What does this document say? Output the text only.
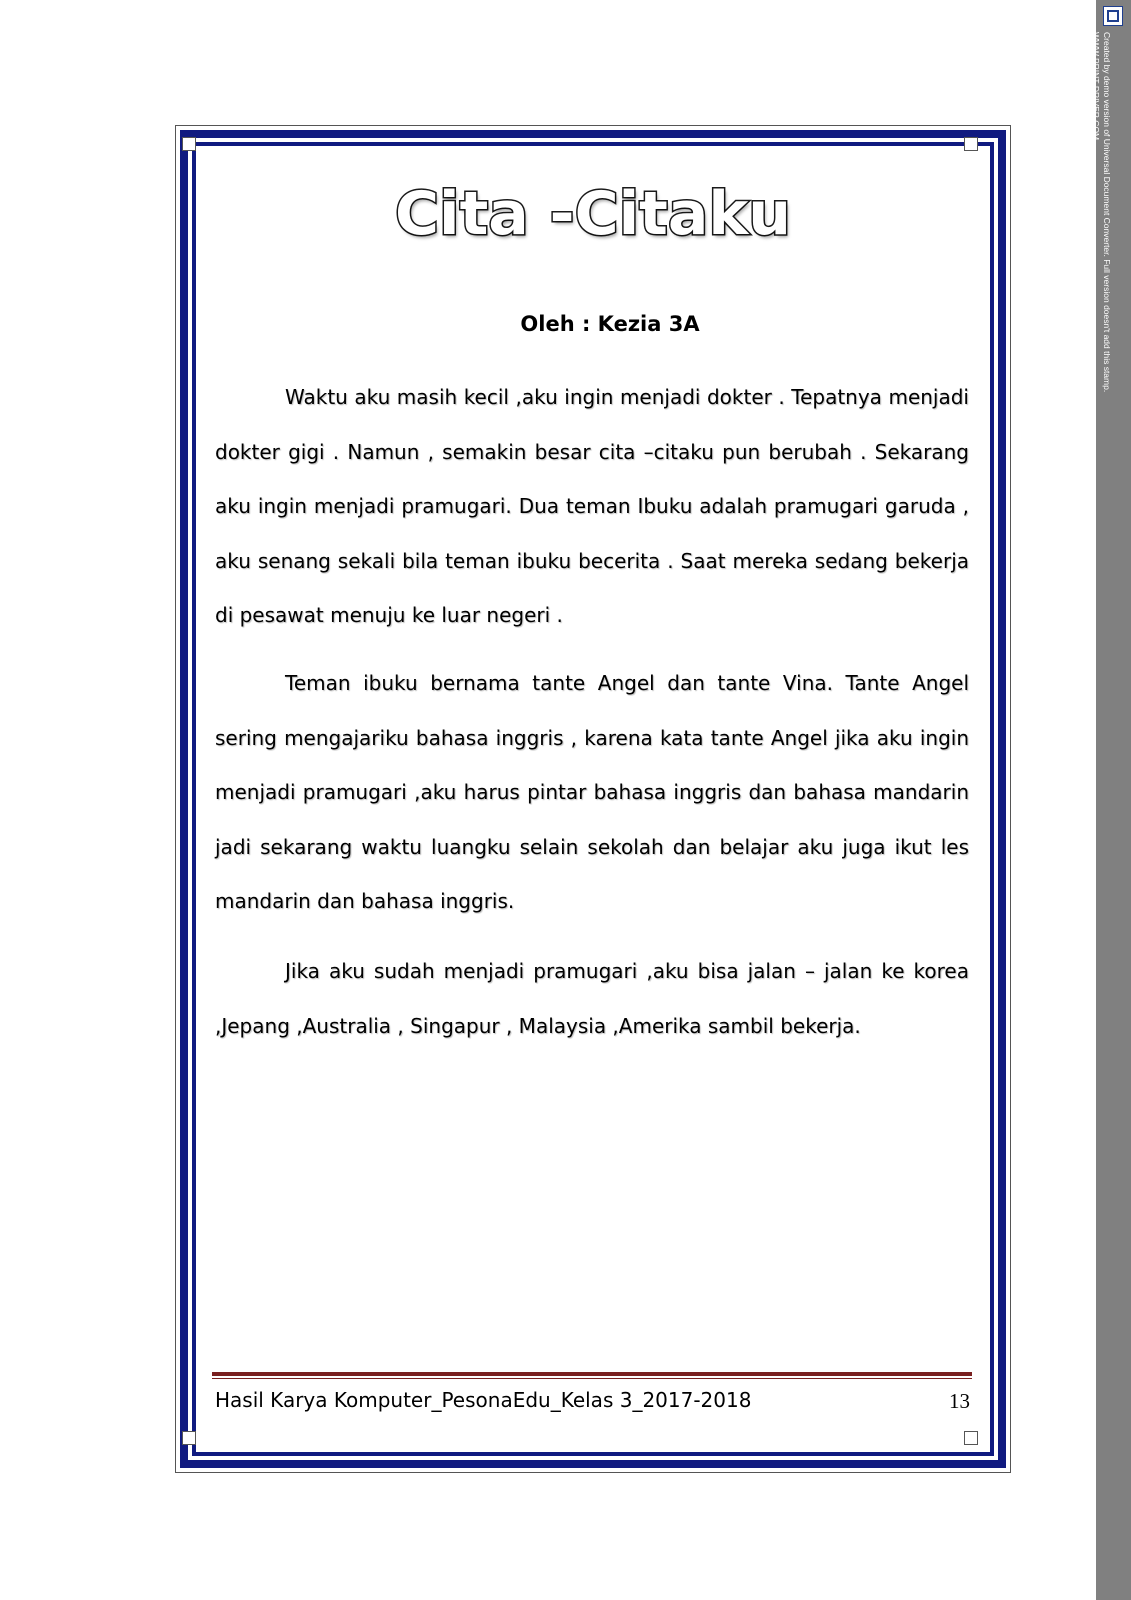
Created by demo version of Universal Document Converter. Full version doesn't add this stamp.
WWW.PRINT-DRIVER.COM
Cita -Citaku
Oleh : Kezia 3A
Waktu aku masih kecil ,aku ingin menjadi dokter . Tepatnya menjadi dokter gigi . Namun , semakin besar cita –citaku pun berubah . Sekarang aku ingin menjadi pramugari. Dua teman Ibuku adalah pramugari garuda , aku senang sekali bila teman ibuku becerita . Saat mereka sedang bekerja di pesawat menuju ke luar negeri .
Teman ibuku bernama tante Angel dan tante Vina. Tante Angel sering mengajariku bahasa inggris , karena kata tante Angel jika aku ingin menjadi pramugari ,aku harus pintar bahasa inggris dan bahasa mandarin jadi sekarang waktu luangku selain sekolah dan belajar aku juga ikut les mandarin dan bahasa inggris.
Jika aku sudah menjadi pramugari ,aku bisa jalan – jalan ke korea ,Jepang ,Australia , Singapur , Malaysia ,Amerika sambil bekerja.
Hasil Karya Komputer_PesonaEdu_Kelas 3_2017-2018	13
